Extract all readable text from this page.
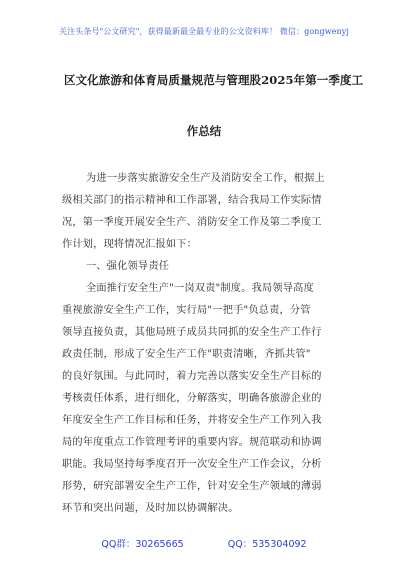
关注头条号"公文研究"，获得最新最全最专业的公文资料库！ 微信：gongwenyj
区文化旅游和体育局质量规范与管理股2025年第一季度工
作总结

为进一步落实旅游安全生产及消防安全工作，根据上

级相关部门的指示精神和工作部署，结合我局工作实际情

况，第一季度开展安全生产、消防安全工作及第二季度工

作计划，现将情况汇报如下：

一、强化领导责任

全面推行安全生产"一岗双责"制度。我局领导高度

重视旅游安全生产工作，实行局"一把手"负总责，分管

领导直接负责，其他局班子成员共同抓的安全生产工作行

政责任制，形成了安全生产工作"职责清晰，齐抓共管"

的良好氛围。与此同时，着力完善以落实安全生产目标的

考核责任体系，进行细化，分解落实，明确各旅游企业的

年度安全生产工作目标和任务，并将安全生产工作列入我

局的年度重点工作管理考评的重要内容。规范联动和协调

职能。我局坚持每季度召开一次安全生产工作会议，分析

形势，研究部署安全生产工作，针对安全生产领域的薄弱

环节和突出问题，及时加以协调解决。

QQ群：30265665	QQ：535304092
